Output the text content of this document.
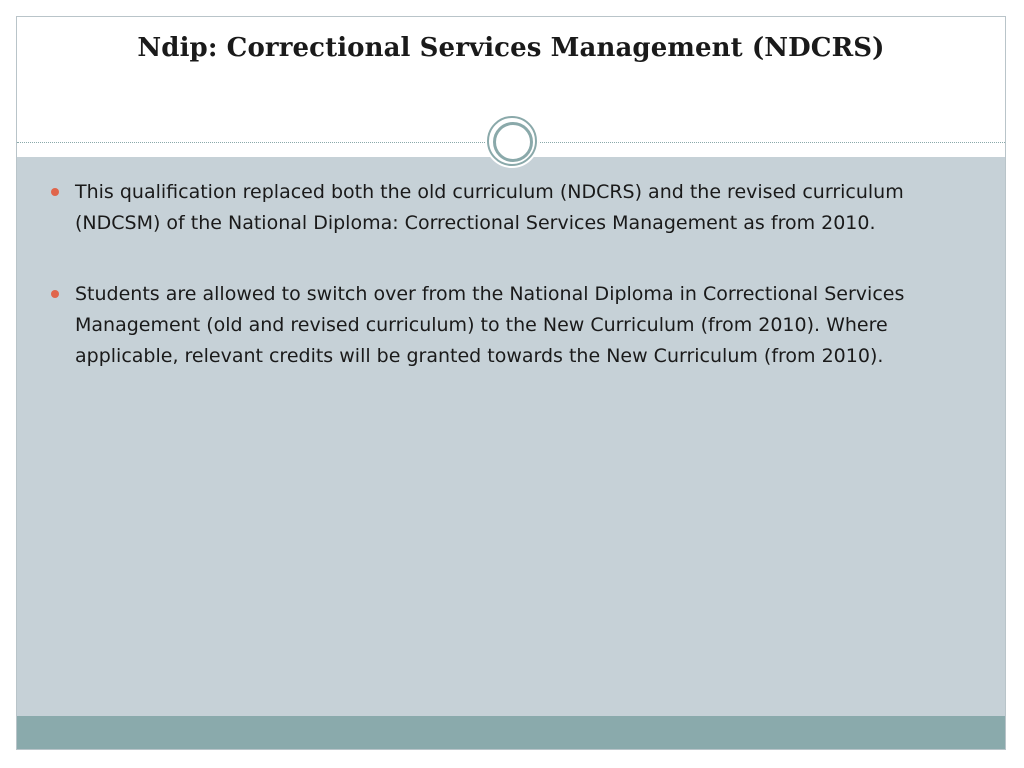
Ndip: Correctional Services Management (NDCRS)
This qualification replaced both the old curriculum (NDCRS) and the revised curriculum (NDCSM) of the National Diploma: Correctional Services Management as from 2010.
Students are allowed to switch over from the National Diploma in Correctional Services Management (old and revised curriculum) to the New Curriculum (from 2010). Where applicable, relevant credits will be granted towards the New Curriculum (from 2010).
